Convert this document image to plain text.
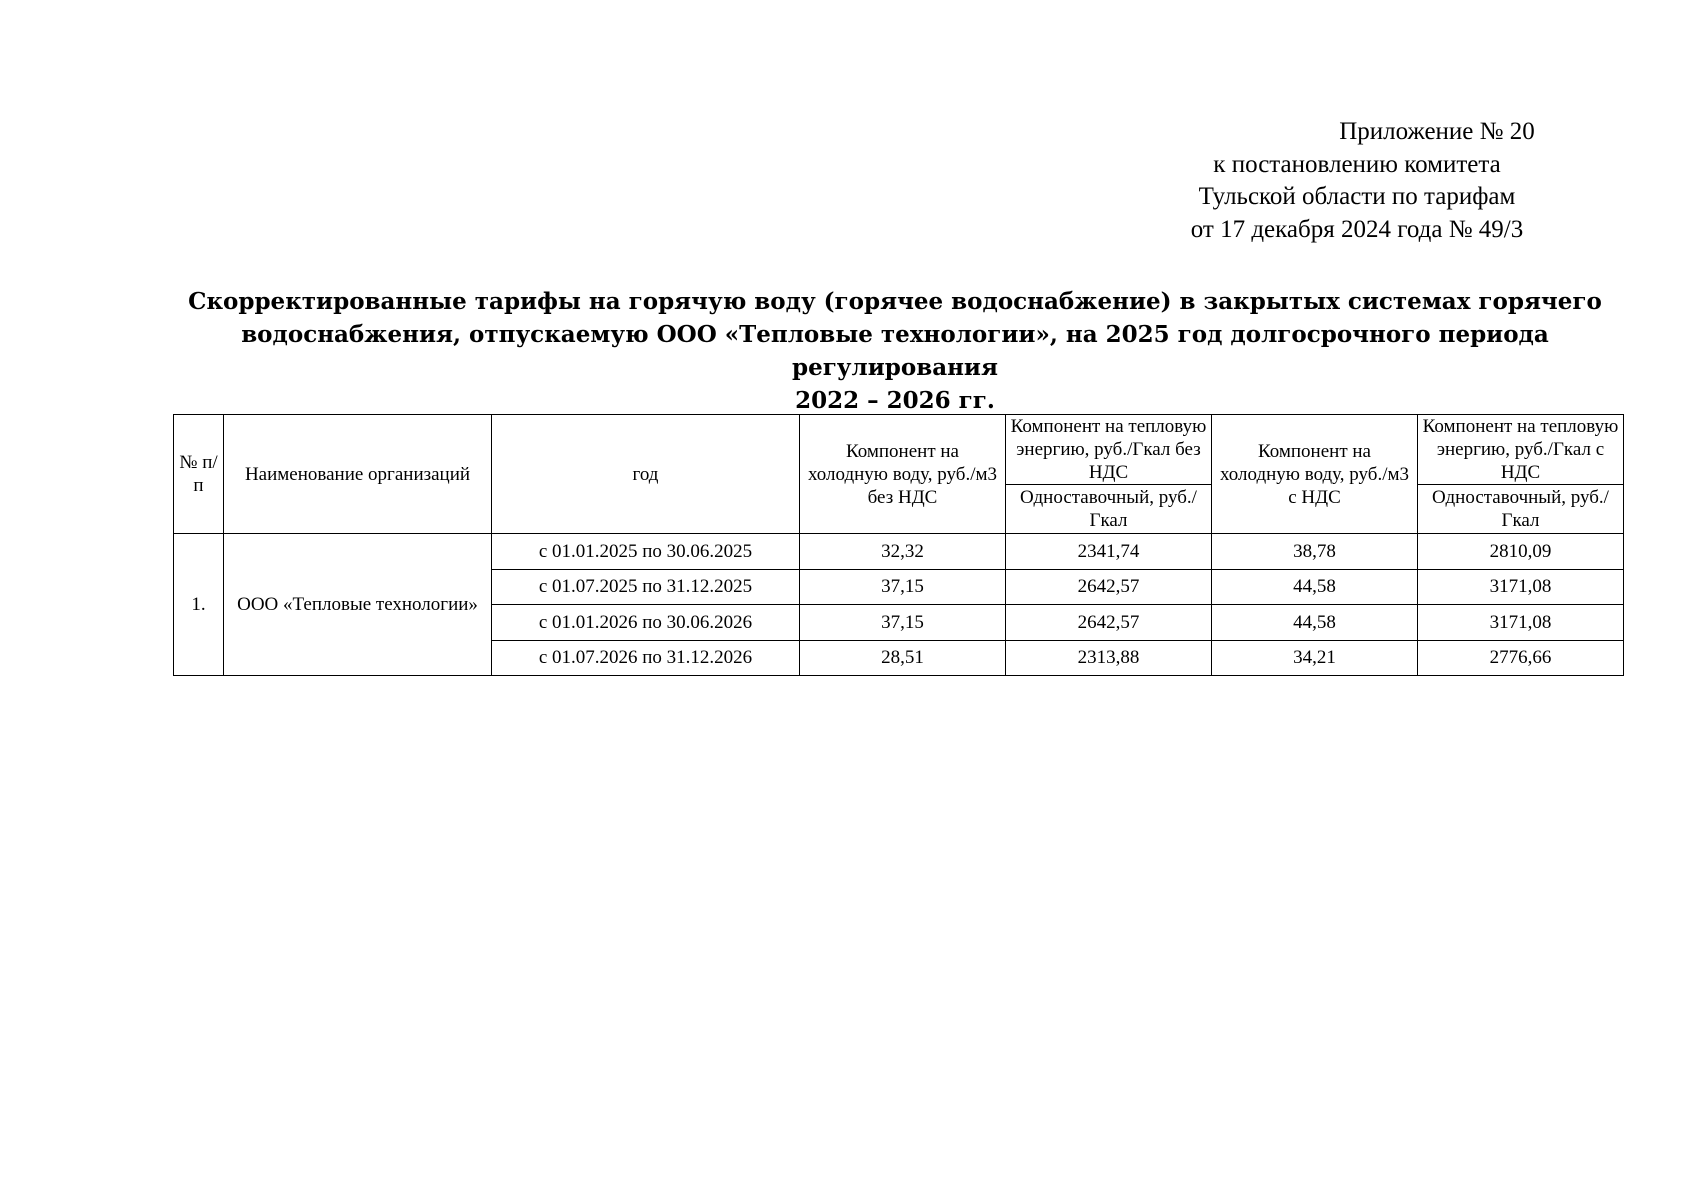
Приложение № 20
к постановлению комитета
Тульской области по тарифам
от 17 декабря 2024 года № 49/3
Скорректированные тарифы на горячую воду (горячее водоснабжение) в закрытых системах горячего
водоснабжения, отпускаемую ООО «Тепловые технологии», на 2025 год долгосрочного периода регулирования
2022 – 2026 гг.
№ п/п	Наименование организаций	год	Компонент на холодную воду, руб./м3 без НДС	Компонент на тепловую энергию, руб./Гкал без НДС	Компонент на холодную воду, руб./м3 с НДС	Компонент на тепловую энергию, руб./Гкал с НДС
				Одноставочный, руб./Гкал		Одноставочный, руб./Гкал
1.	ООО «Тепловые технологии»	с 01.01.2025 по 30.06.2025	32,32	2341,74	38,78	2810,09
		с 01.07.2025 по 31.12.2025	37,15	2642,57	44,58	3171,08
		с 01.01.2026 по 30.06.2026	37,15	2642,57	44,58	3171,08
		с 01.07.2026 по 31.12.2026	28,51	2313,88	34,21	2776,66
